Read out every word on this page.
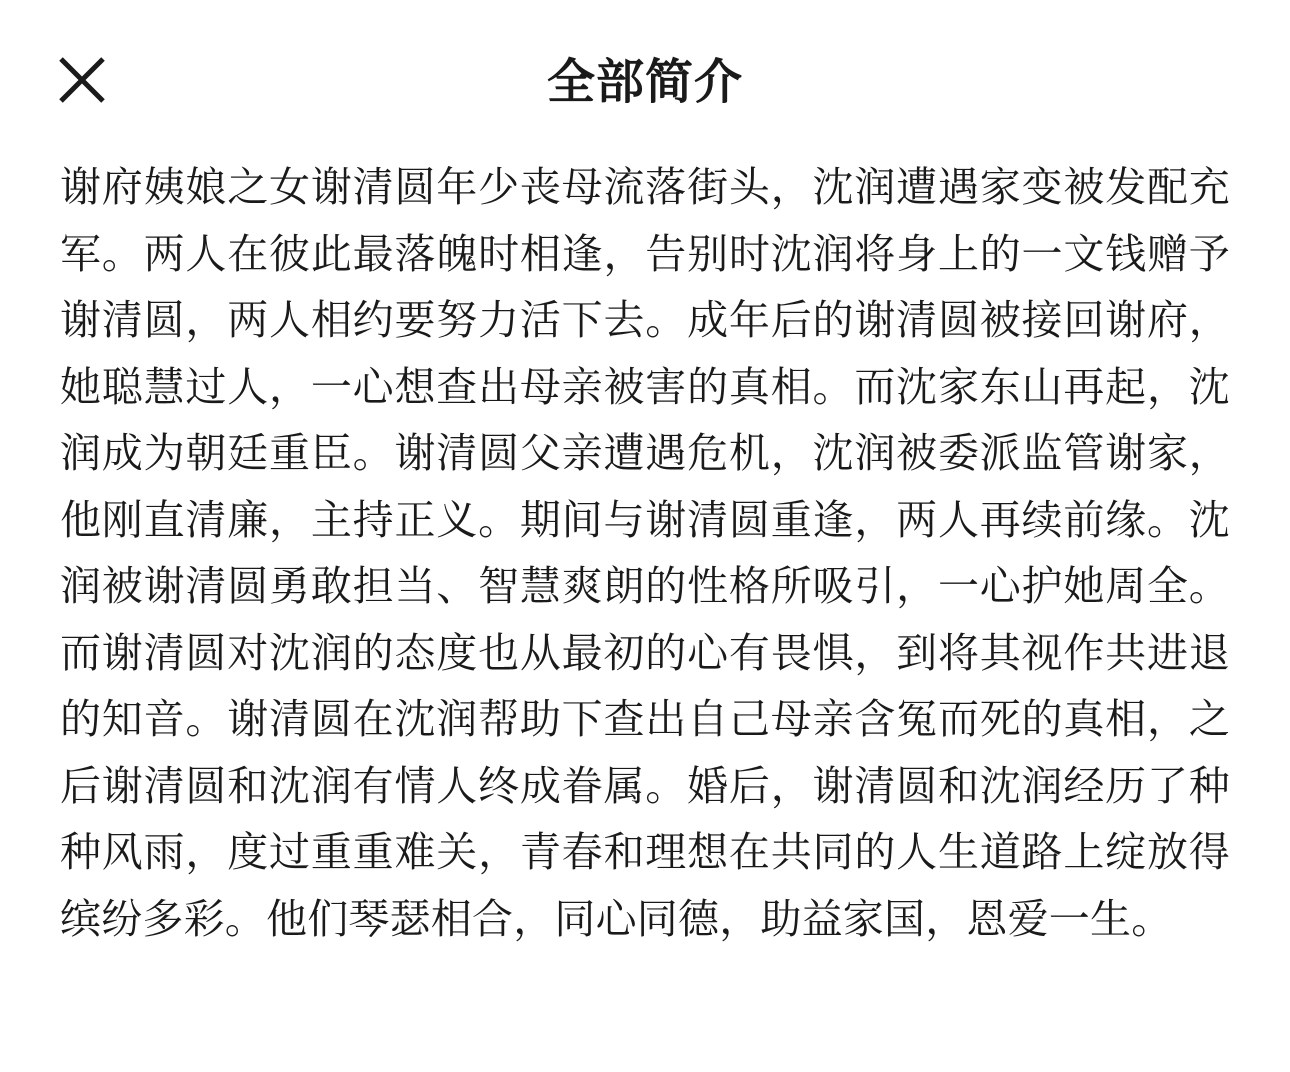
全部简介

谢府姨娘之女谢清圆年少丧母流落街头，沈润遭遇家变被发配充军。两人在彼此最落魄时相逢，告别时沈润将身上的一文钱赠予谢清圆，两人相约要努力活下去。成年后的谢清圆被接回谢府，她聪慧过人，一心想查出母亲被害的真相。而沈家东山再起，沈润成为朝廷重臣。谢清圆父亲遭遇危机，沈润被委派监管谢家，他刚直清廉，主持正义。期间与谢清圆重逢，两人再续前缘。沈润被谢清圆勇敢担当、智慧爽朗的性格所吸引，一心护她周全。而谢清圆对沈润的态度也从最初的心有畏惧，到将其视作共进退的知音。谢清圆在沈润帮助下查出自己母亲含冤而死的真相，之后谢清圆和沈润有情人终成眷属。婚后，谢清圆和沈润经历了种种风雨，度过重重难关，青春和理想在共同的人生道路上绽放得缤纷多彩。他们琴瑟相合，同心同德，助益家国，恩爱一生。
